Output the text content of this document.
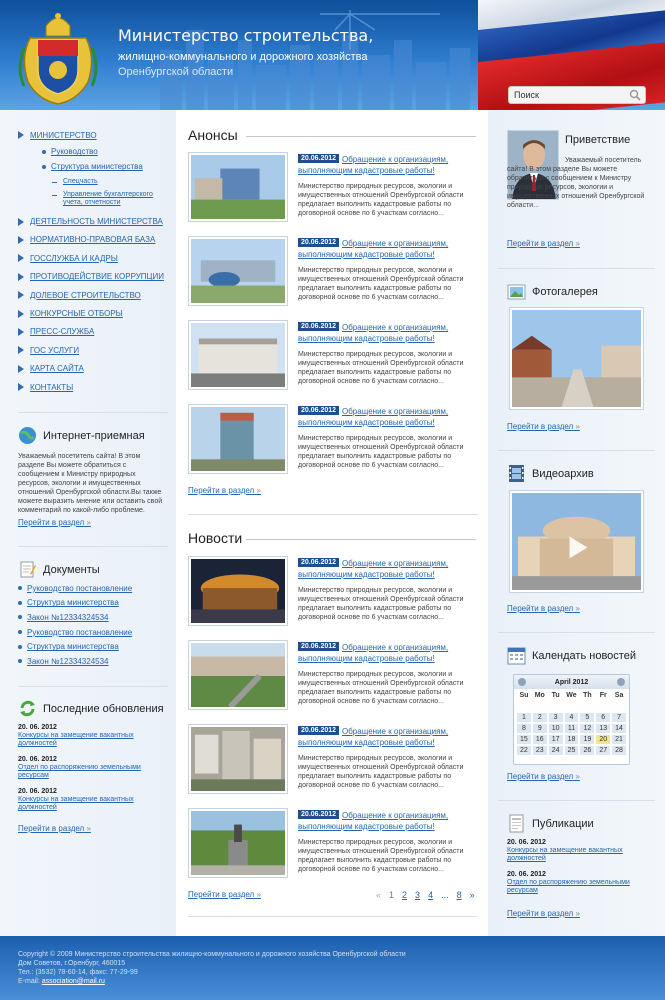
Министерство строительства,
жилищно-коммунального и дорожного хозяйства
Оренбургской области
Поиск
МИНИСТЕРСТВО
Руководство
Структура министерства
Спецчасть
Управление бухгалтерского учета, отчетности
ДЕЯТЕЛЬНОСТЬ МИНИСТЕРСТВА
НОРМАТИВНО-ПРАВОВАЯ БАЗА
ГОССЛУЖБА И КАДРЫ
ПРОТИВОДЕЙСТВИЕ КОРРУПЦИИ
ДОЛЕВОЕ СТРОИТЕЛЬСТВО
КОНКУРСНЫЕ ОТБОРЫ
ПРЕСС-СЛУЖБА
ГОС УСЛУГИ
КАРТА САЙТА
КОНТАКТЫ
Интернет-приемная
Уважаемый посетитель сайта! В этом разделе Вы можете обратиться с сообщением к Министру природных ресурсов, экологии и имущественных отношений Оренбургской области.Вы также можете выразить мнение или оставить свой комментарий по какой-либо проблеме.
Перейти в раздел »
Документы
Руководство постановление
Структура министерства
Закон №12334324534
Руководство постановление
Структура министерства
Закон №12334324534
Последние обновления
20. 06. 2012
Конкурсы на замещение вакантных должностей
20. 06. 2012
Отдел по распоряжению земельными ресурсам
20. 06. 2012
Конкурсы на замещение вакантных должностей
Перейти в раздел »
Анонсы
Обращение к организациям, выполняющим кадастровые работы!
20.06.2012
Министерство природных ресурсов, экологии и имущественных отношений Оренбургской области предлагает выполнить кадастровые работы по договорной основе по 6 участкам согласно...
Обращение к организациям, выполняющим кадастровые работы!
20.06.2012
Министерство природных ресурсов, экологии и имущественных отношений Оренбургской области предлагает выполнить кадастровые работы по договорной основе по 6 участкам согласно...
Обращение к организациям, выполняющим кадастровые работы!
20.06.2012
Министерство природных ресурсов, экологии и имущественных отношений Оренбургской области предлагает выполнить кадастровые работы по договорной основе по 6 участкам согласно...
Обращение к организациям, выполняющим кадастровые работы!
20.06.2012
Министерство природных ресурсов, экологии и имущественных отношений Оренбургской области предлагает выполнить кадастровые работы по договорной основе по 6 участкам согласно...
Перейти в раздел »
Новости
Обращение к организациям, выполняющим кадастровые работы!
20.06.2012
Министерство природных ресурсов, экологии и имущественных отношений Оренбургской области предлагает выполнить кадастровые работы по договорной основе по 6 участкам согласно...
Обращение к организациям, выполняющим кадастровые работы!
20.06.2012
Министерство природных ресурсов, экологии и имущественных отношений Оренбургской области предлагает выполнить кадастровые работы по договорной основе по 6 участкам согласно...
Обращение к организациям, выполняющим кадастровые работы!
20.06.2012
Министерство природных ресурсов, экологии и имущественных отношений Оренбургской области предлагает выполнить кадастровые работы по договорной основе по 6 участкам согласно...
Обращение к организациям, выполняющим кадастровые работы!
20.06.2012
Министерство природных ресурсов, экологии и имущественных отношений Оренбургской области предлагает выполнить кадастровые работы по договорной основе по 6 участкам согласно...
Перейти в раздел »	« 1 2 3 4 ... 8 »
Приветствие
Уважаемый посетитель сайта! В этом разделе Вы можете обратиться с сообщением к Министру природных ресурсов, экологии и имущественных отношений Оренбургской области...
Перейти в раздел »
Фотогалерея
Перейти в раздел »
Видеоархив
Перейти в раздел »
Календать новостей
April 2012
Su Mo Tu We Th	Fr	Sa
1	2	3	4	5	6	7
8	9	10	11	12	13	14
15	16	17	18	19	20	21
22	23	24	25	26	27	28
Перейти в раздел »
Публикации
20. 06. 2012
Конкурсы на замещение вакантных должностей
20. 06. 2012
Отдел по распоряжению земельными ресурсам
Перейти в раздел »
Copyright © 2009 Министерство строительства жилищно-коммунального и дорожного хозяйства Оренбургской области
Дом Советов, г.Оренбург, 460015
Тел.: (3532) 78-60-14, факс: 77-29-99
E-mail: association@mail.ru
